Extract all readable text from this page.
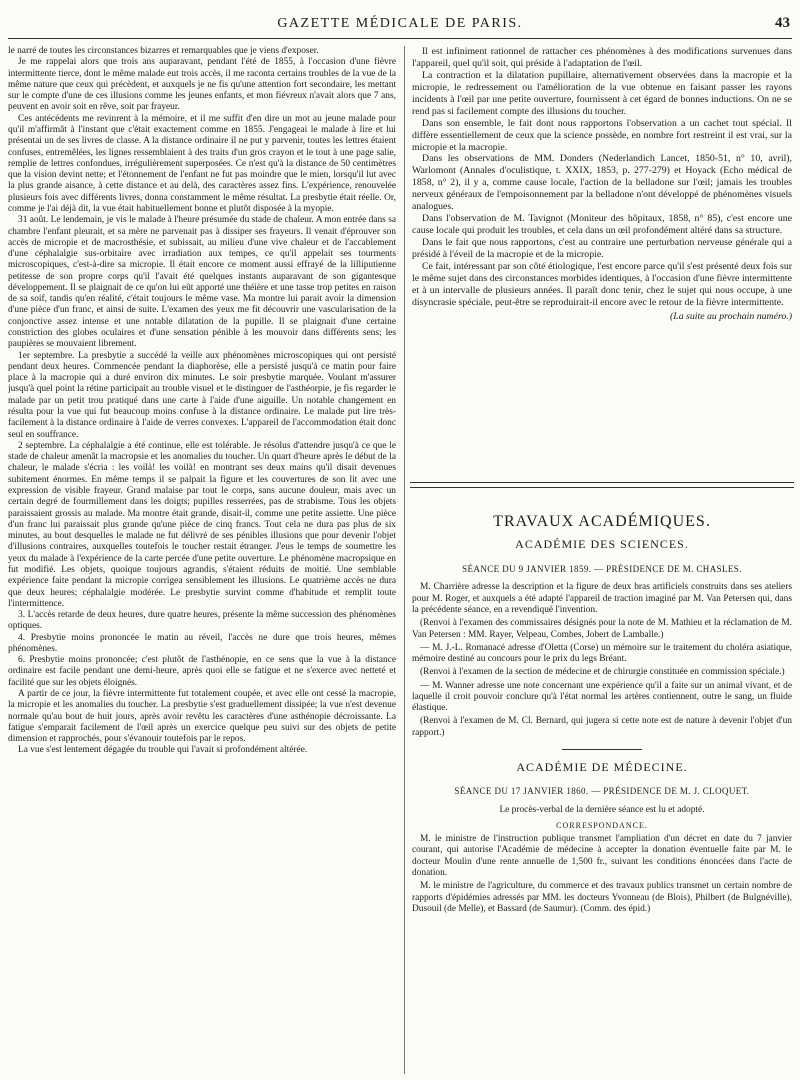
GAZETTE MÉDICALE DE PARIS.	43

le narré de toutes les circonstances bizarres et remarquables que je viens d'exposer.

Je me rappelai alors que trois ans auparavant, pendant l'été de 1855, à l'occasion d'une fièvre intermittente tierce, dont le même malade eut trois accès, il me raconta certains troubles de la vue de la même nature que ceux qui précèdent, et auxquels je ne fis qu'une attention fort secondaire, les mettant sur le compte d'une de ces illusions comme les jeunes enfants, et mon fiévreux n'avait alors que 7 ans, peuvent en avoir soit en rêve, soit par frayeur.

Ces antécédents me revinrent à la mémoire, et il me suffit d'en dire un mot au jeune malade pour qu'il m'affirmât à l'instant que c'était exactement comme en 1855. J'engageai le malade à lire et lui présentai un de ses livres de classe. A la distance ordinaire il ne put y parvenir, toutes les lettres étaient confuses, entremêlées, les lignes ressemblaient à des traits d'un gros crayon et le tout à une page salie, remplie de lettres confondues, irrégulièrement superposées. Ce n'est qu'à la distance de 50 centimètres que la vision devint nette; et l'étonnement de l'enfant ne fut pas moindre que le mien, lorsqu'il lut avec la plus grande aisance, à cette distance et au delà, des caractères assez fins. L'expérience, renouvelée plusieurs fois avec différents livres, donna constamment le même résultat. La presbytie était réelle. Or, comme je l'ai déjà dit, la vue était habituellement bonne et plutôt disposée à la myopie.

31 août. Le lendemain, je vis le malade à l'heure présumée du stade de chaleur. A mon entrée dans sa chambre l'enfant pleurait, et sa mère ne parvenait pas à dissiper ses frayeurs. Il venait d'éprouver son accès de micropie et de macrosthésie, et subissait, au milieu d'une vive chaleur et de l'accablement d'une céphalalgie sus-orbitaire avec irradiation aux tempes, ce qu'il appelait ses tourments microscopiques, c'est-à-dire sa micropie. Il était encore ce moment aussi effrayé de la lilliputienne petitesse de son propre corps qu'il l'avait été quelques instants auparavant de son gigantesque développement. Il se plaignait de ce qu'on lui eût apporté une théière et une tasse trop petites en raison de sa soif, tandis qu'en réalité, c'était toujours le même vase. Ma montre lui parait avoir la dimension d'une pièce d'un franc, et ainsi de suite. L'examen des yeux me fit découvrir une vascularisation de la conjonctive assez intense et une notable dilatation de la pupille. Il se plaignait d'une certaine constriction des globes oculaires et d'une sensation pénible à les mouvoir dans différents sens; les paupières se mouvaient librement.

1er septembre. La presbytie a succédé la veille aux phénomènes microscopiques qui ont persisté pendant deux heures. Commencée pendant la diaphorèse, elle a persisté jusqu'à ce matin pour faire place à la macropie qui a duré environ dix minutes. Le soir presbytie marquée. Voulant m'assurer jusqu'à quel point la rétine participait au trouble visuel et le distinguer de l'asthéorpie, je fis regarder le malade par un petit trou pratiqué dans une carte à l'aide d'une aiguille. Un notable changement en résulta pour la vue qui fut beaucoup moins confuse à la distance ordinaire. Le malade put lire très-facilement à la distance ordinaire à l'aide de verres convexes. L'appareil de l'accommodation était donc seul en souffrance.

2 septembre. La céphalalgie a été continue, elle est tolérable. Je résolus d'attendre jusqu'à ce que le stade de chaleur amenât la macropsie et les anomalies du toucher. Un quart d'heure après le début de la chaleur, le malade s'écria : les voilà! les voilà! en montrant ses deux mains qu'il disait devenues subitement énormes. En même temps il se palpait la figure et les couvertures de son lit avec une expression de visible frayeur. Grand malaise par tout le corps, sans aucune douleur, mais avec un certain degré de fourmillement dans les doigts; pupilles resserrées, pas de strabisme. Tous les objets paraissaient grossis au malade. Ma montre était grande, disait-il, comme une petite assiette. Une pièce d'un franc lui paraissait plus grande qu'une pièce de cinq francs. Tout cela ne dura pas plus de six minutes, au bout desquelles le malade ne fut délivré de ses pénibles illusions que pour devenir l'objet d'illusions contraires, auxquelles toutefois le toucher restait étranger. J'eus le temps de soumettre les yeux du malade à l'expérience de la carte percée d'une petite ouverture. Le phénomène macropsique en fut modifié. Les objets, quoique toujours agrandis, s'étaient réduits de moitié. Une semblable expérience faite pendant la micropie corrigea sensiblement les illusions. Le quatrième accès ne dura que deux heures; céphalalgie modérée. Le presbytie survint comme d'habitude et remplit toute l'intermittence.

3. L'accès retarde de deux heures, dure quatre heures, présente la même succession des phénomènes optiques.

4. Presbytie moins prononcée le matin au réveil, l'accès ne dure que trois heures, mêmes phénomènes.

6. Presbytie moins prononcée; c'est plutôt de l'asthénopie, en ce sens que la vue à la distance ordinaire est facile pendant une demi-heure, après quoi elle se fatigue et ne s'exerce avec netteté et facilité que sur les objets éloignés.

A partir de ce jour, la fièvre intermittente fut totalement coupée, et avec elle ont cessé la macropie, la micropie et les anomalies du toucher. La presbytie s'est graduellement dissipée; la vue n'est devenue normale qu'au bout de huit jours, après avoir revêtu les caractères d'une asthénopie décroissante. La fatigue s'emparait facilement de l'œil après un exercice quelque peu suivi sur des objets de petite dimension et rapprochés, pour s'évanouir toutefois par le repos.

La vue s'est lentement dégagée du trouble qui l'avait si profondément altérée.

Il est infiniment rationnel de rattacher ces phénomènes à des modifications survenues dans l'appareil, quel qu'il soit, qui préside à l'adaptation de l'œil.

La contraction et la dilatation pupillaire, alternativement observées dans la macropie et la micropie, le redressement ou l'amélioration de la vue obtenue en faisant passer les rayons incidents à l'œil par une petite ouverture, fournissent à cet égard de bonnes inductions. On ne se rend pas si facilement compte des illusions du toucher.

Dans son ensemble, le fait dont nous rapportons l'observation a un cachet tout spécial. Il diffère essentiellement de ceux que la science possède, en nombre fort restreint il est vrai, sur la micropie et la macropie.

Dans les observations de MM. Donders (Nederlandich Lancet, 1850-51, n° 10, avril), Warlomont (Annales d'oculistique, t. XXIX, 1853, p. 277-279) et Hoyack (Echo médical de 1858, n° 2), il y a, comme cause locale, l'action de la belladone sur l'œil; jamais les troubles nerveux généraux de l'empoisonnement par la belladone n'ont développé de phénomènes visuels analogues.

Dans l'observation de M. Tavignot (Moniteur des hôpitaux, 1858, n° 85), c'est encore une cause locale qui produit les troubles, et cela dans un œil profondément altéré dans sa structure.

Dans le fait que nous rapportons, c'est au contraire une perturbation nerveuse générale qui a présidé à l'éveil de la macropie et de la micropie.

Ce fait, intéressant par son côté étiologique, l'est encore parce qu'il s'est présenté deux fois sur le même sujet dans des circonstances morbides identiques, à l'occasion d'une fièvre intermittente et à un intervalle de plusieurs années. Il paraît donc tenir, chez le sujet qui nous occupe, à une disyncrasie spéciale, peut-être se reproduirait-il encore avec le retour de la fièvre intermittente.

(La suite au prochain numéro.)
TRAVAUX ACADÉMIQUES.
ACADÉMIE DES SCIENCES.
SÉANCE DU 9 JANVIER 1859. — PRÉSIDENCE DE M. CHASLES.

M. Charrière adresse la description et la figure de deux bras artificiels construits dans ses ateliers pour M. Roger, et auxquels a été adapté l'appareil de traction imaginé par M. Van Petersen qui, dans la précédente séance, en a revendiqué l'invention.

(Renvoi à l'examen des commissaires désignés pour la note de M. Mathieu et la réclamation de M. Van Petersen : MM. Rayer, Velpeau, Combes, Jobert de Lamballe.)

— M. J.-L. Romanacé adresse d'Oletta (Corse) un mémoire sur le traitement du choléra asiatique, mémoire destiné au concours pour le prix du legs Bréant.

(Renvoi à l'examen de la section de médecine et de chirurgie constituée en commission spéciale.)

— M. Wanner adresse une note concernant une expérience qu'il a faite sur un animal vivant, et de laquelle il croit pouvoir conclure qu'à l'état normal les artères contiennent, outre le sang, un fluide élastique.

(Renvoi à l'examen de M. Cl. Bernard, qui jugera si cette note est de nature à devenir l'objet d'un rapport.)

ACADÉMIE DE MÉDECINE.
SÉANCE DU 17 JANVIER 1860. — PRÉSIDENCE DE M. J. CLOQUET.

Le procès-verbal de la dernière séance est lu et adopté.

CORRESPONDANCE.

M. le ministre de l'instruction publique transmet l'ampliation d'un décret en date du 7 janvier courant, qui autorise l'Académie de médecine à accepter la donation éventuelle faite par M. le docteur Moulin d'une rente annuelle de 1,500 fr., suivant les conditions énoncées dans l'acte de donation.

M. le ministre de l'agriculture, du commerce et des travaux publics transmet un certain nombre de rapports d'épidémies adressés par MM. les docteurs Yvonneau (de Blois), Philbert (de Bulgnéville), Dusouil (de Melle), et Bassard (de Saumur). (Comm. des épid.)
